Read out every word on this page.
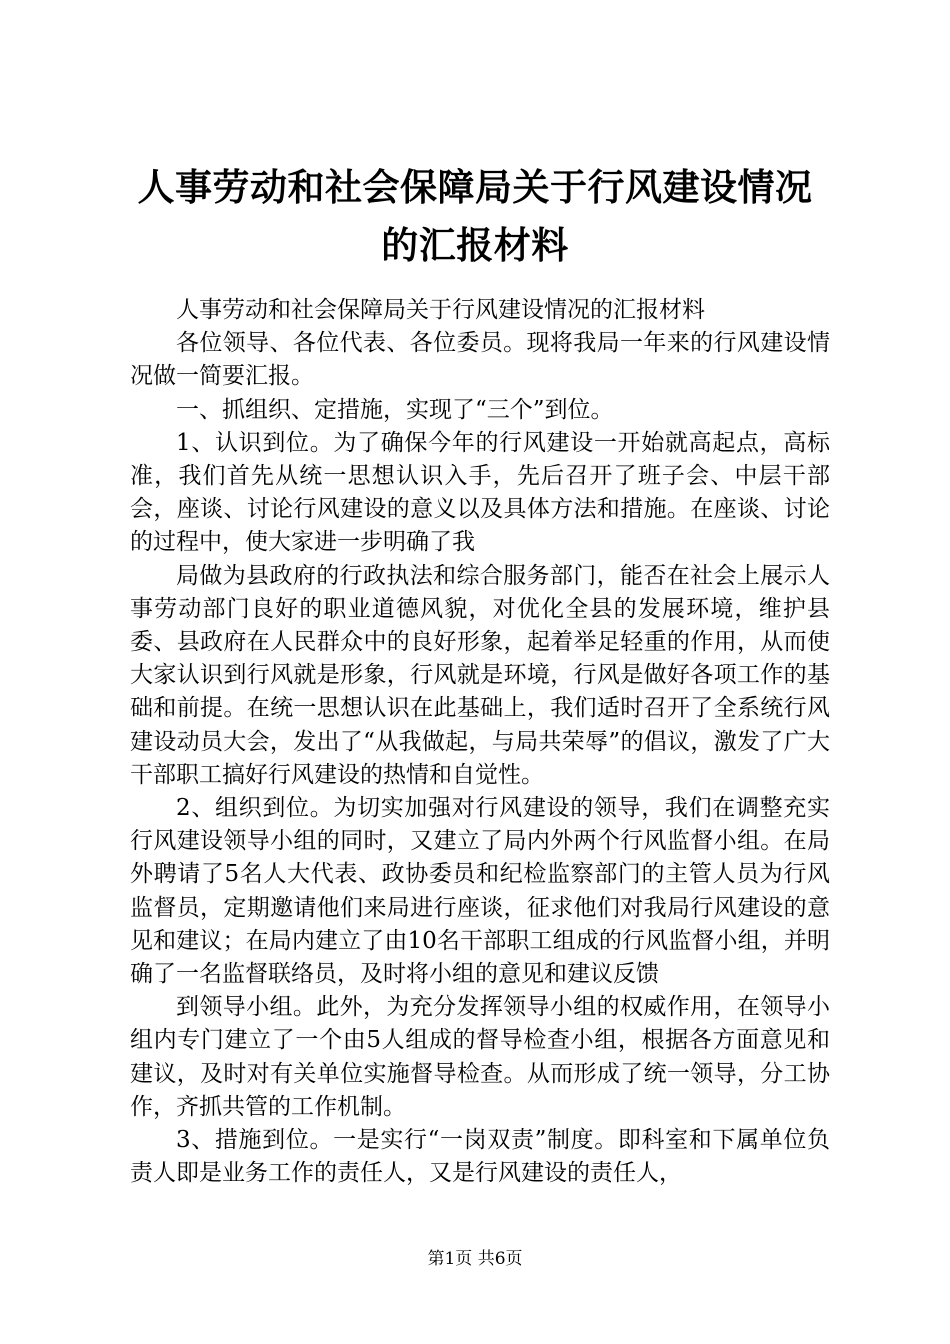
人事劳动和社会保障局关于行风建设情况的汇报材料

人事劳动和社会保障局关于行风建设情况的汇报材料

各位领导、各位代表、各位委员。现将我局一年来的行风建设情况做一简要汇报。

一、抓组织、定措施，实现了“三个”到位。

1、认识到位。为了确保今年的行风建设一开始就高起点，高标准，我们首先从统一思想认识入手，先后召开了班子会、中层干部会，座谈、讨论行风建设的意义以及具体方法和措施。在座谈、讨论的过程中，使大家进一步明确了我

局做为县政府的行政执法和综合服务部门，能否在社会上展示人事劳动部门良好的职业道德风貌，对优化全县的发展环境，维护县委、县政府在人民群众中的良好形象，起着举足轻重的作用，从而使大家认识到行风就是形象，行风就是环境，行风是做好各项工作的基础和前提。在统一思想认识在此基础上，我们适时召开了全系统行风建设动员大会，发出了“从我做起，与局共荣辱”的倡议，激发了广大干部职工搞好行风建设的热情和自觉性。

2、组织到位。为切实加强对行风建设的领导，我们在调整充实行风建设领导小组的同时，又建立了局内外两个行风监督小组。在局外聘请了5名人大代表、政协委员和纪检监察部门的主管人员为行风监督员，定期邀请他们来局进行座谈，征求他们对我局行风建设的意见和建议；在局内建立了由10名干部职工组成的行风监督小组，并明确了一名监督联络员，及时将小组的意见和建议反馈

到领导小组。此外，为充分发挥领导小组的权威作用，在领导小组内专门建立了一个由5人组成的督导检查小组，根据各方面意见和建议，及时对有关单位实施督导检查。从而形成了统一领导，分工协作，齐抓共管的工作机制。

3、措施到位。一是实行“一岗双责”制度。即科室和下属单位负责人即是业务工作的责任人，又是行风建设的责任人，

第1页 共6页
